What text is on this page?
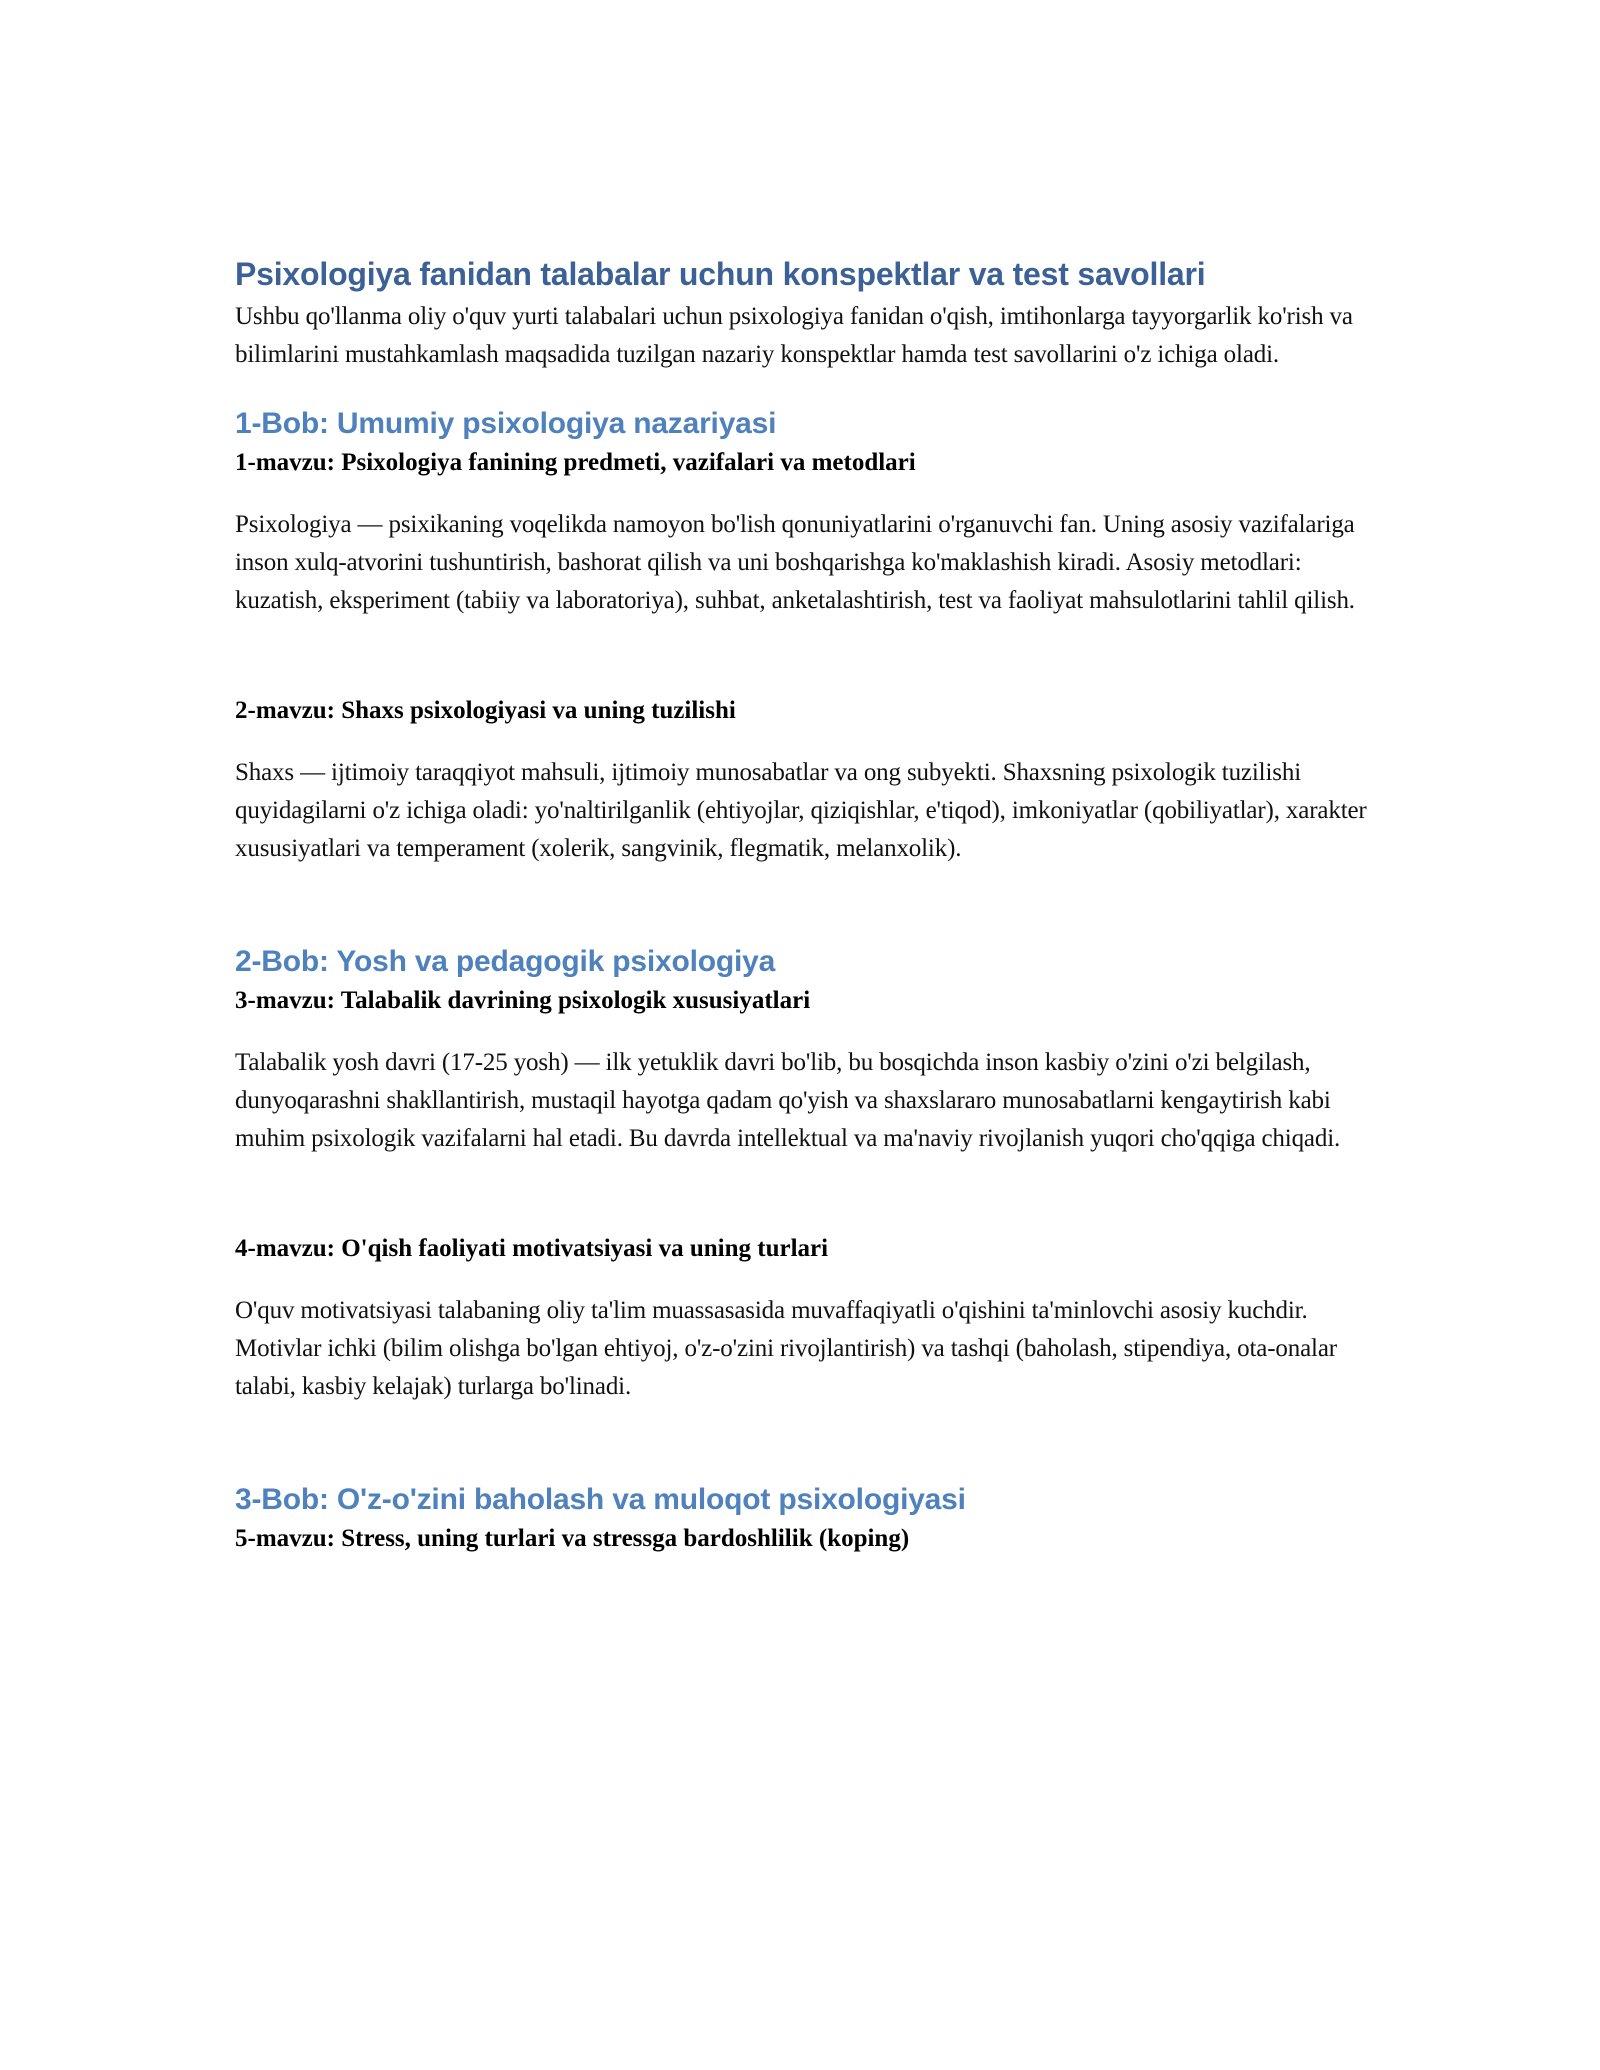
Psixologiya fanidan talabalar uchun konspektlar va test savollari

Ushbu qo'llanma oliy o'quv yurti talabalari uchun psixologiya fanidan o'qish, imtihonlarga tayyorgarlik ko'rish va bilimlarini mustahkamlash maqsadida tuzilgan nazariy konspektlar hamda test savollarini o'z ichiga oladi.

1-Bob: Umumiy psixologiya nazariyasi
1-mavzu: Psixologiya fanining predmeti, vazifalari va metodlari

Psixologiya — psixikaning voqelikda namoyon bo'lish qonuniyatlarini o'rganuvchi fan. Uning asosiy vazifalariga inson xulq-atvorini tushuntirish, bashorat qilish va uni boshqarishga ko'maklashish kiradi. Asosiy metodlari: kuzatish, eksperiment (tabiiy va laboratoriya), suhbat, anketalashtirish, test va faoliyat mahsulotlarini tahlil qilish.

2-mavzu: Shaxs psixologiyasi va uning tuzilishi

Shaxs — ijtimoiy taraqqiyot mahsuli, ijtimoiy munosabatlar va ong subyekti. Shaxsning psixologik tuzilishi quyidagilarni o'z ichiga oladi: yo'naltirilganlik (ehtiyojlar, qiziqishlar, e'tiqod), imkoniyatlar (qobiliyatlar), xarakter xususiyatlari va temperament (xolerik, sangvinik, flegmatik, melanxolik).

2-Bob: Yosh va pedagogik psixologiya
3-mavzu: Talabalik davrining psixologik xususiyatlari

Talabalik yosh davri (17-25 yosh) — ilk yetuklik davri bo'lib, bu bosqichda inson kasbiy o'zini o'zi belgilash, dunyoqarashni shakllantirish, mustaqil hayotga qadam qo'yish va shaxslararo munosabatlarni kengaytirish kabi muhim psixologik vazifalarni hal etadi. Bu davrda intellektual va ma'naviy rivojlanish yuqori cho'qqiga chiqadi.

4-mavzu: O'qish faoliyati motivatsiyasi va uning turlari

O'quv motivatsiyasi talabaning oliy ta'lim muassasasida muvaffaqiyatli o'qishini ta'minlovchi asosiy kuchdir. Motivlar ichki (bilim olishga bo'lgan ehtiyoj, o'z-o'zini rivojlantirish) va tashqi (baholash, stipendiya, ota-onalar talabi, kasbiy kelajak) turlarga bo'linadi.

3-Bob: O'z-o'zini baholash va muloqot psixologiyasi
5-mavzu: Stress, uning turlari va stressga bardoshlilik (koping)
